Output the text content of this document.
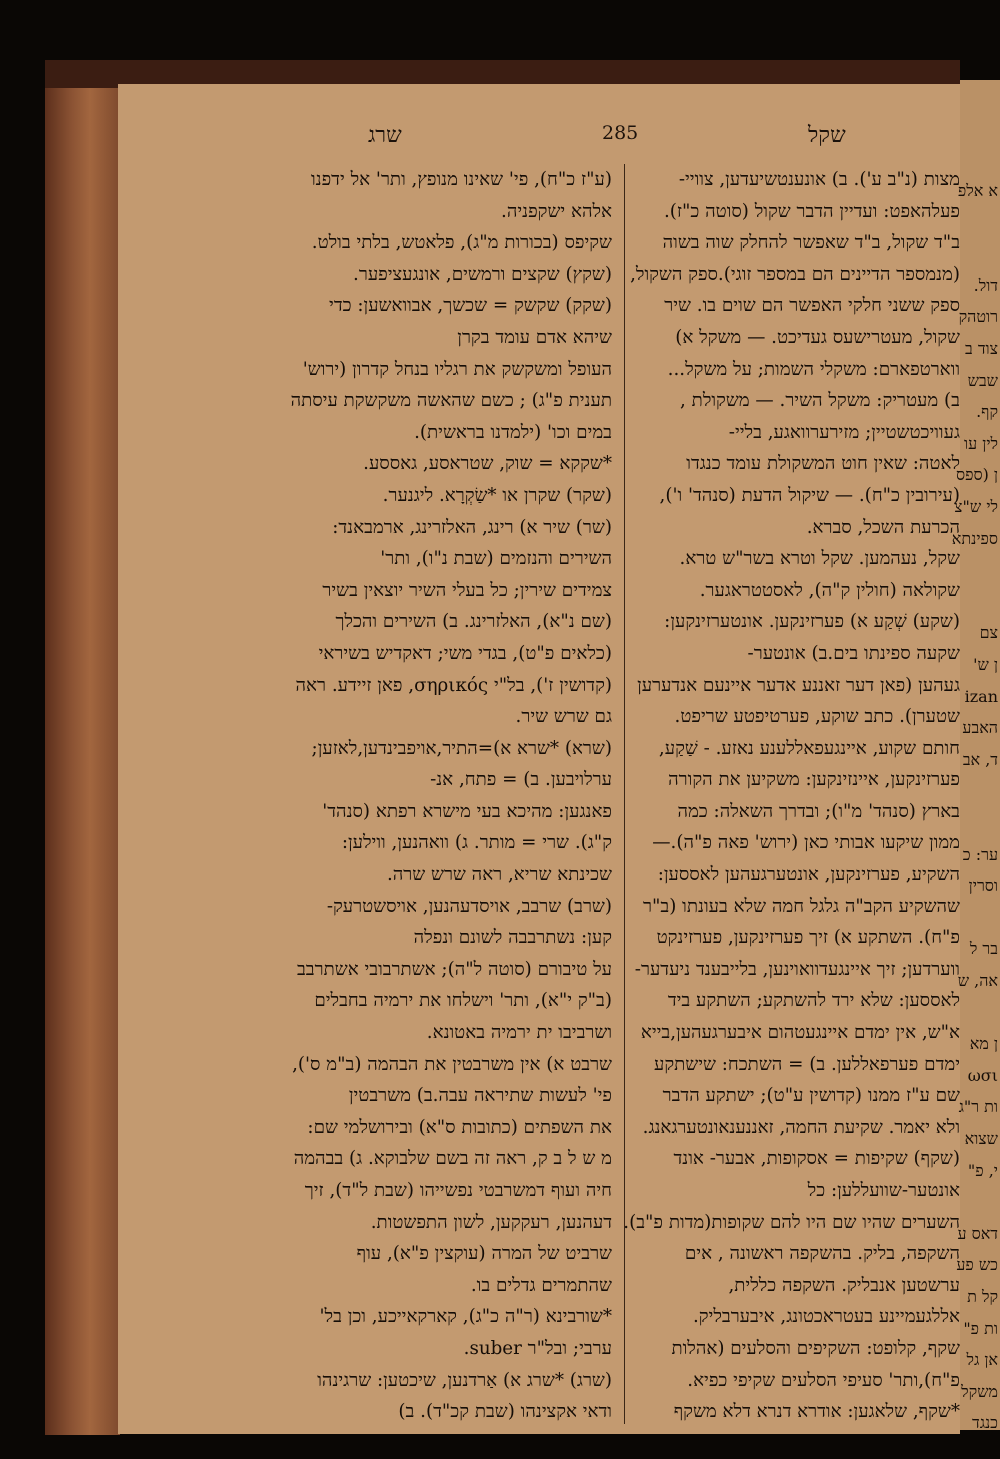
שרג	285	שקל
(ע"ז כ"ח), פי' שאינו מנופץ, ותר' אל ידפנו
אלהא ישקפניה.
שקיפס (בכורות מ"ג), פלאטש, בלתי בולט.
(שקץ) שקצים ורמשים, אונגעציפער.
(שקק) שקשק = שכשך, אבוואשען: כדי
שיהא אדם עומד בקרן
העופל ומשקשק את רגליו בנחל קדרון (ירוש'
תענית פ"ג) ; כשם שהאשה משקשקת עיסתה
במים וכו' (ילמדנו בראשית).
*שקקא = שוק, שטראסע, גאססע.
(שקר) שקרן או *שַׂקְרָא. ליגנער.
(שר) שיר א) רינג, האלזרינג, ארמבאנד:
השירים והנזמים (שבת נ"ו), ותר'
צמידים שירין; כל בעלי השיר יוצאין בשיר
(שם נ"א), האלזרינג. ב) השירים והכלך
(כלאים פ"ט), בגדי משי; דאקדיש בשיראי
(קדושין ז'), בל"י σηρικός, פאן זיידע. ראה
גם שרש שיר.
(שרא) *שרא א)=התיר,אויפבינדען,לאזען;
ערלויבען. ב) = פתח, אנ-
פאנגען: מהיכא בעי מישרא רפתא (סנהד'
ק"ג). שרי = מותר. ג) וואהנען, ווילען:
שכינתא שריא, ראה שרש שרה.
(שרב) שרבב, אויסדעהנען, אויסשטרעק-
קען: נשתרבבה לשונם ונפלה
על טיבורם (סוטה ל"ה); אשתרבובי אשתרבב
(ב"ק י"א), ותר' וישלחו את ירמיה בחבלים
ושרביבו ית ירמיה באטונא.
שרבט א) אין משרבטין את הבהמה (ב"מ ס'),
פי' לעשות שתיראה עבה.ב) משרבטין
את השפתים (כתובות ס"א) ובירושלמי שם:
מ ש ל ב ק, ראה זה בשם שלבוקא. ג) בבהמה
חיה ועוף דמשרבטי נפשייהו (שבת ל"ד), זיך
דעהנען, רעקקען, לשון התפשטות.
שרביט של המרה (עוקצין פ"א), עוף
שהתמרים גדלים בו.
*שורבינא (ר"ה כ"ג), קארקאייכע, וכן בל'
ערבי; ובל"ר suber.
(שרג) *שרג א) אַרדנען, שיכטען: שרגינהו
ודאי אקצינהו (שבת קכ"ד). ב)
מצות (נ"ב ע'). ב) אונענטשיעדען, צוויי-
פעלהאפט: ועדיין הדבר שקול (סוטה כ"ז).
ב"ד שקול, ב"ד שאפשר להחלק שוה בשוה
(מנמספר הדיינים הם במספר זוגי).ספק השקול,
ספק ששני חלקי האפשר הם שוים בו. שיר
שקול, מעטרישעס געדיכט. — משקל א)
ווארטפארם: משקלי השמות; על משקל...
ב) מעטריק: משקל השיר. — משקולת ,
געוויכטשטיין; מזירערוואגע, בליי-
לאטה: שאין חוט המשקולת עומד כנגדו
(עירובין כ"ח). — שיקול הדעת (סנהד' ו'),
הכרעת השכל, סברא.
שקל, נעהמען. שקל וטרא בשר"ש טרא.
שקולאה (חולין ק"ה), לאסטטראגער.
(שקע) שְׁקַע א) פערזינקען. אונטערזינקען:
שקעה ספינתו בים.ב) אונטער-
געהען (פאן דער זאננע אדער איינעם אנדערען
שטערן). כתב שוקע, פערטיפטע שריפט.
חותם שקוע, איינגעפאללענע נאזע. - שַׁקַע,
פערזינקען, איינזינקען: משקיען את הקורה
בארץ (סנהד' מ"ו); ובדרך השאלה: כמה
ממון שיקעו אבותי כאן (ירוש' פאה פ"ה).—
השקיע, פערזינקען, אונטערגעהען לאססען:
שהשקיע הקב"ה גלגל חמה שלא בעונתו (ב"ר
פ"ח). השתקע א) זיך פערזינקען, פערזינקט
ווערדען; זיך איינגעדוואוינען, בלייבענד ניעדער-
לאססען: שלא ירד להשתקע; השתקע ביד
א"ש, אין ימדם איינגעטהום איבערגעהען,בייא
ימדם פערפאללען. ב) = השתכח: שישתקע
שם ע"ז ממנו (קדושין ע"ט); ישתקע הדבר
ולא יאמר. שקיעת החמה, זאננענאונטערגאנג.
(שקף) שקיפות = אסקופות, אבער- אונד
אונטער-שוועללען: כל
השערים שהיו שם היו להם שקופות(מדות פ"ב).
השקפה, בליק. בהשקפה ראשונה , אים
ערשטען אנבליק. השקפה כללית,
אללגעמיינע בעטראכטונג, איבערבליק.
שקף, קלופט: השקיפים והסלעים (אהלות
פ"ח),ותר' סעיפי הסלעים שקיפי כפיא.
*שקף, שלאגען: אודרא דנרא דלא משקף
א אלפ
דול.
רוטהק
צוד ב
שבש
קף.
לין עו
ן (ספס
לי ש"צ
ספינתא
צם
ן ש'
izan
האבע
ד, אב
ער: כ
וסרין
בר ל
אה, ש
ן מא
ωσι
ות ר"ג
שצוא
י, פ"
דאס ע
כש פע
קל ת
ות פ"
אן גל
משקל
כנגד
